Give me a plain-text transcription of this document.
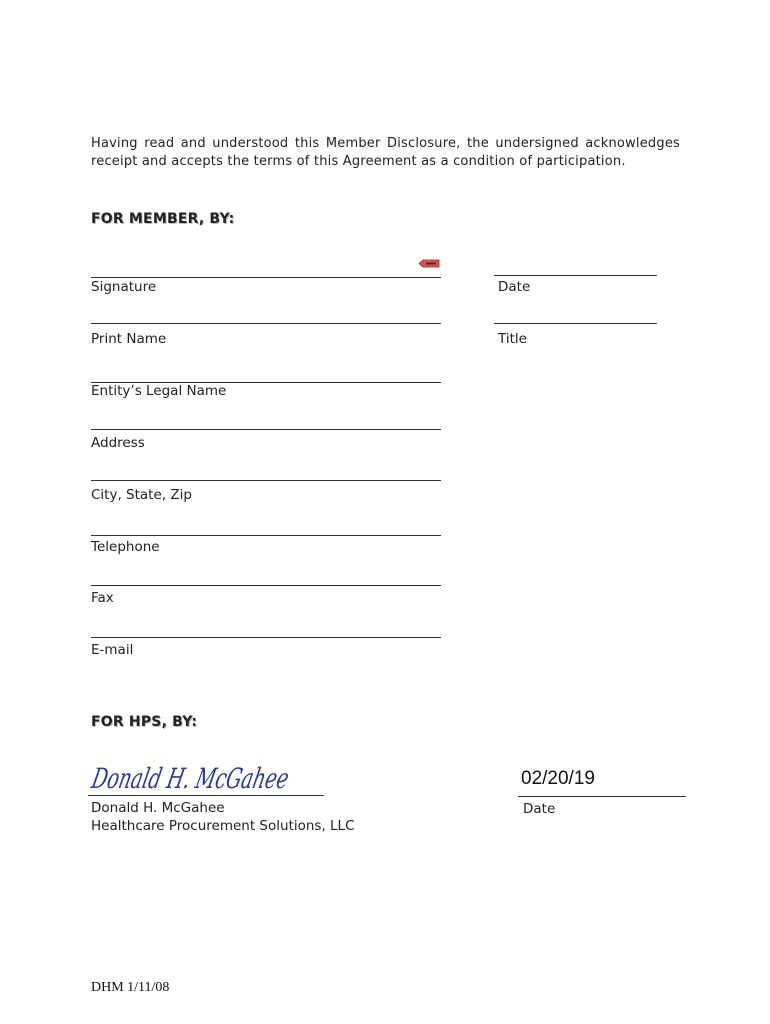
Having read and understood this Member Disclosure, the undersigned acknowledges receipt and accepts the terms of this Agreement as a condition of participation.
FOR MEMBER, BY:
Signature	Date
Print Name	Title
Entity’s Legal Name
Address
City, State, Zip
Telephone
Fax
E-mail
FOR HPS, BY:
Donald H. McGahee
Donald H. McGahee
Healthcare Procurement Solutions, LLC
02/20/19
Date
DHM 1/11/08
